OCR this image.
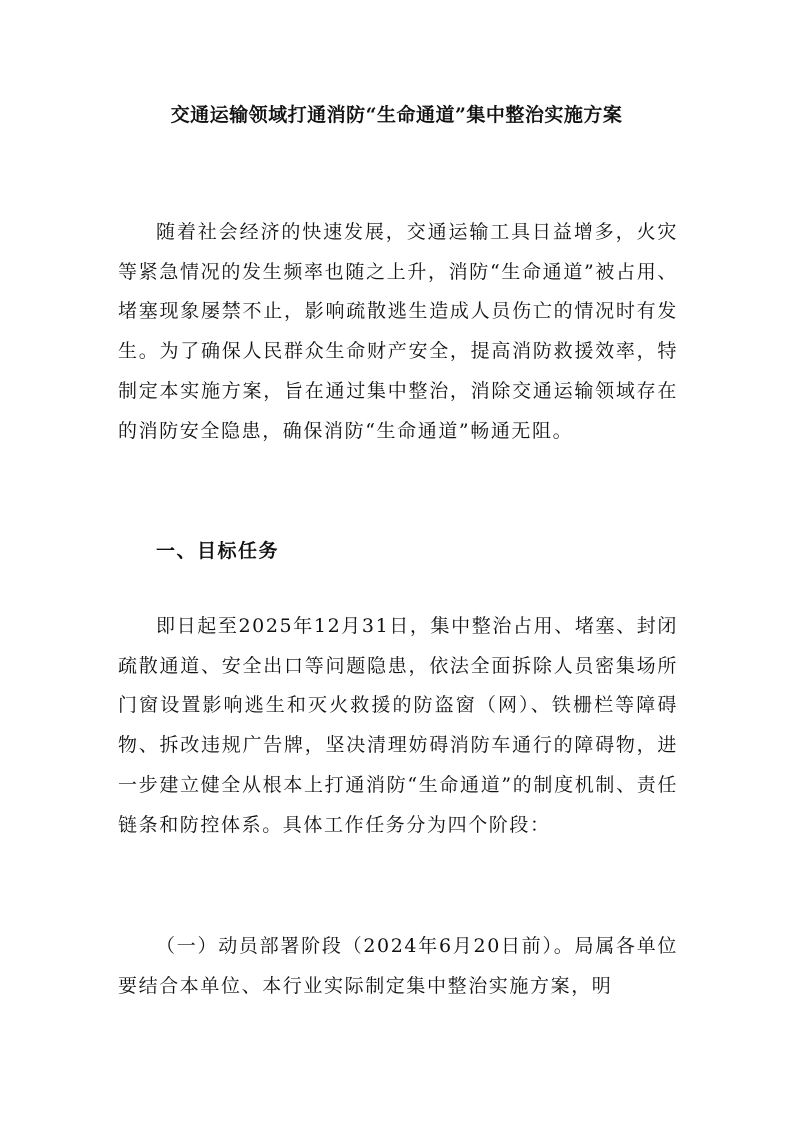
交通运输领域打通消防“生命通道”集中整治实施方案

随着社会经济的快速发展，交通运输工具日益增多，火灾等紧急情况的发生频率也随之上升，消防“生命通道”被占用、堵塞现象屡禁不止，影响疏散逃生造成人员伤亡的情况时有发生。为了确保人民群众生命财产安全，提高消防救援效率，特制定本实施方案，旨在通过集中整治，消除交通运输领域存在的消防安全隐患，确保消防“生命通道”畅通无阻。

一、目标任务

即日起至2025年12月31日，集中整治占用、堵塞、封闭疏散通道、安全出口等问题隐患，依法全面拆除人员密集场所门窗设置影响逃生和灭火救援的防盗窗（网）、铁栅栏等障碍物、拆改违规广告牌，坚决清理妨碍消防车通行的障碍物，进一步建立健全从根本上打通消防“生命通道”的制度机制、责任链条和防控体系。具体工作任务分为四个阶段：

（一）动员部署阶段（2024年6月20日前）。局属各单位要结合本单位、本行业实际制定集中整治实施方案，明
